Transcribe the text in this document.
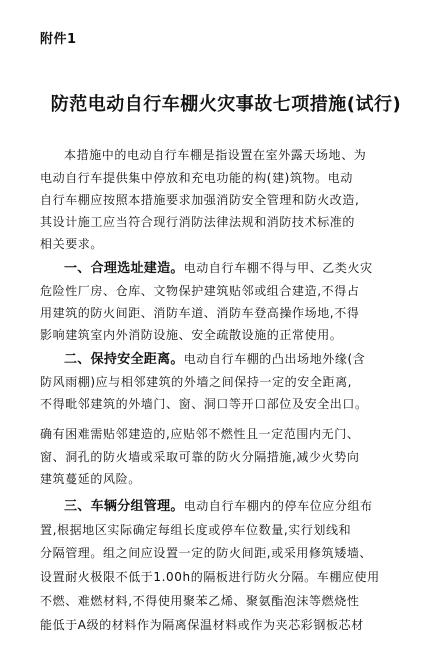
附件1
防范电动自行车棚火灾事故七项措施(试行)
本措施中的电动自行车棚是指设置在室外露天场地、为
电动自行车提供集中停放和充电功能的构(建)筑物。电动
自行车棚应按照本措施要求加强消防安全管理和防火改造,
其设计施工应当符合现行消防法律法规和消防技术标准的
相关要求。
一、合理选址建造。电动自行车棚不得与甲、乙类火灾
危险性厂房、仓库、文物保护建筑贴邻或组合建造,不得占
用建筑的防火间距、消防车道、消防车登高操作场地,不得
影响建筑室内外消防设施、安全疏散设施的正常使用。
二、保持安全距离。电动自行车棚的凸出场地外缘(含
防风雨棚)应与相邻建筑的外墙之间保持一定的安全距离,
不得毗邻建筑的外墙门、窗、洞口等开口部位及安全出口。
确有困难需贴邻建造的,应贴邻不燃性且一定范围内无门、
窗、洞孔的防火墙或采取可靠的防火分隔措施,减少火势向
建筑蔓延的风险。
三、车辆分组管理。电动自行车棚内的停车位应分组布
置,根据地区实际确定每组长度或停车位数量,实行划线和
分隔管理。组之间应设置一定的防火间距,或采用修筑矮墙、
设置耐火极限不低于1.00h的隔板进行防火分隔。车棚应使用
不燃、难燃材料,不得使用聚苯乙烯、聚氨酯泡沫等燃烧性
能低于A级的材料作为隔离保温材料或作为夹芯彩钢板芯材
